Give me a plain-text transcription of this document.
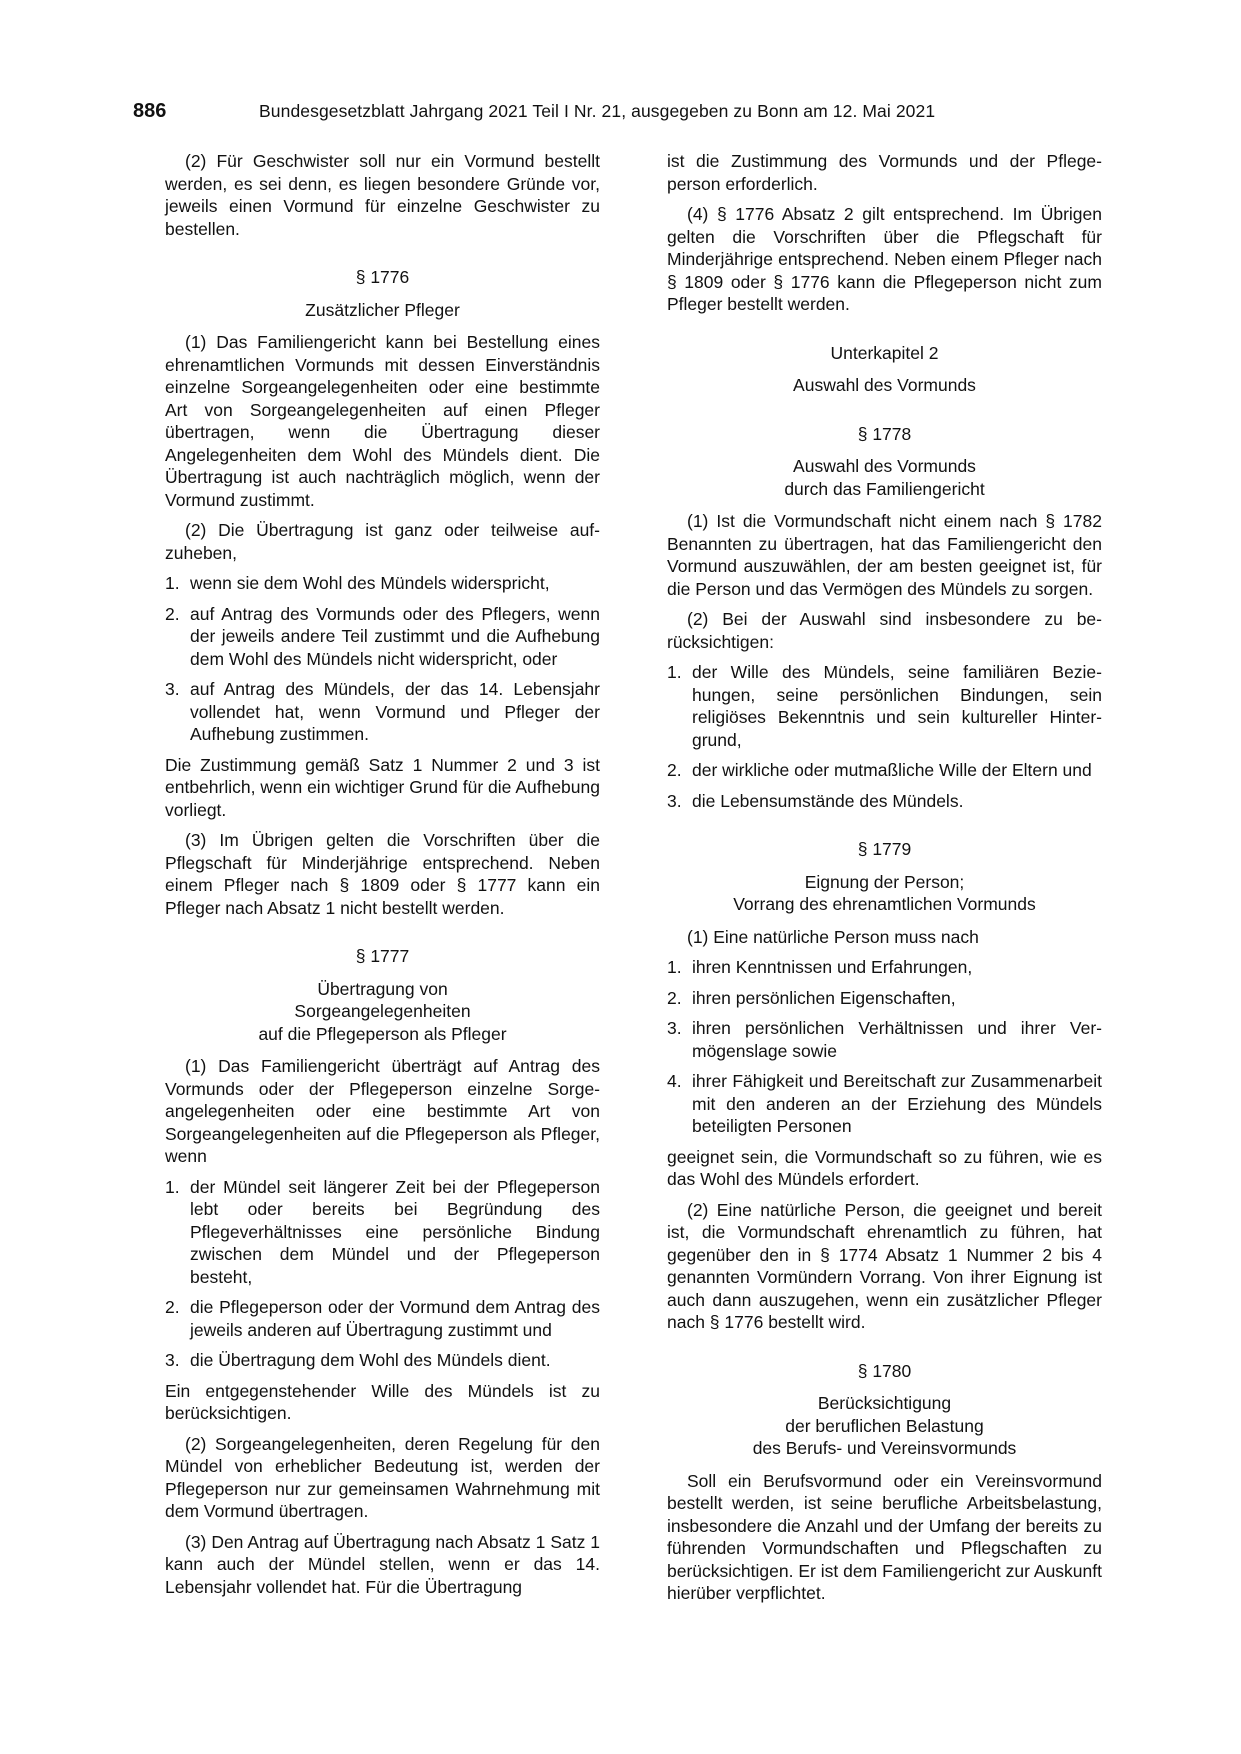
886	Bundesgesetzblatt Jahrgang 2021 Teil I Nr. 21, ausgegeben zu Bonn am 12. Mai 2021

(2) Für Geschwister soll nur ein Vormund bestellt werden, es sei denn, es liegen besondere Gründe vor, jeweils einen Vormund für einzelne Geschwister zu bestellen.

§ 1776
Zusätzlicher Pfleger

(1) Das Familiengericht kann bei Bestellung eines ehrenamtlichen Vormunds mit dessen Einverständnis einzelne Sorgeangelegenheiten oder eine bestimmte Art von Sorgeangelegenheiten auf einen Pfleger übertragen, wenn die Übertragung dieser Angelegenheiten dem Wohl des Mündels dient. Die Übertragung ist auch nachträglich möglich, wenn der Vormund zustimmt.

(2) Die Übertragung ist ganz oder teilweise aufzuheben,

1. wenn sie dem Wohl des Mündels widerspricht,
2. auf Antrag des Vormunds oder des Pflegers, wenn der jeweils andere Teil zustimmt und die Aufhebung dem Wohl des Mündels nicht widerspricht, oder
3. auf Antrag des Mündels, der das 14. Lebensjahr vollendet hat, wenn Vormund und Pfleger der Aufhebung zustimmen.

Die Zustimmung gemäß Satz 1 Nummer 2 und 3 ist entbehrlich, wenn ein wichtiger Grund für die Aufhebung vorliegt.

(3) Im Übrigen gelten die Vorschriften über die Pflegschaft für Minderjährige entsprechend. Neben einem Pfleger nach § 1809 oder § 1777 kann ein Pfleger nach Absatz 1 nicht bestellt werden.

§ 1777
Übertragung von
Sorgeangelegenheiten
auf die Pflegeperson als Pfleger

(1) Das Familiengericht überträgt auf Antrag des Vormunds oder der Pflegeperson einzelne Sorgeangelegenheiten oder eine bestimmte Art von Sorgeangelegenheiten auf die Pflegeperson als Pfleger, wenn

1. der Mündel seit längerer Zeit bei der Pflegeperson lebt oder bereits bei Begründung des Pflegeverhältnisses eine persönliche Bindung zwischen dem Mündel und der Pflegeperson besteht,
2. die Pflegeperson oder der Vormund dem Antrag des jeweils anderen auf Übertragung zustimmt und
3. die Übertragung dem Wohl des Mündels dient.

Ein entgegenstehender Wille des Mündels ist zu berücksichtigen.

(2) Sorgeangelegenheiten, deren Regelung für den Mündel von erheblicher Bedeutung ist, werden der Pflegeperson nur zur gemeinsamen Wahrnehmung mit dem Vormund übertragen.

(3) Den Antrag auf Übertragung nach Absatz 1 Satz 1 kann auch der Mündel stellen, wenn er das 14. Lebensjahr vollendet hat. Für die Übertragung

ist die Zustimmung des Vormunds und der Pflegeperson erforderlich.

(4) § 1776 Absatz 2 gilt entsprechend. Im Übrigen gelten die Vorschriften über die Pflegschaft für Minderjährige entsprechend. Neben einem Pfleger nach § 1809 oder § 1776 kann die Pflegeperson nicht zum Pfleger bestellt werden.

Unterkapitel 2
Auswahl des Vormunds
§ 1778
Auswahl des Vormunds
durch das Familiengericht

(1) Ist die Vormundschaft nicht einem nach § 1782 Benannten zu übertragen, hat das Familiengericht den Vormund auszuwählen, der am besten geeignet ist, für die Person und das Vermögen des Mündels zu sorgen.

(2) Bei der Auswahl sind insbesondere zu berücksichtigen:

1. der Wille des Mündels, seine familiären Beziehungen, seine persönlichen Bindungen, sein religiöses Bekenntnis und sein kultureller Hintergrund,
2. der wirkliche oder mutmaßliche Wille der Eltern und
3. die Lebensumstände des Mündels.
§ 1779
Eignung der Person;
Vorrang des ehrenamtlichen Vormunds

(1) Eine natürliche Person muss nach

1. ihren Kenntnissen und Erfahrungen,
2. ihren persönlichen Eigenschaften,
3. ihren persönlichen Verhältnissen und ihrer Vermögenslage sowie
4. ihrer Fähigkeit und Bereitschaft zur Zusammenarbeit mit den anderen an der Erziehung des Mündels beteiligten Personen

geeignet sein, die Vormundschaft so zu führen, wie es das Wohl des Mündels erfordert.

(2) Eine natürliche Person, die geeignet und bereit ist, die Vormundschaft ehrenamtlich zu führen, hat gegenüber den in § 1774 Absatz 1 Nummer 2 bis 4 genannten Vormündern Vorrang. Von ihrer Eignung ist auch dann auszugehen, wenn ein zusätzlicher Pfleger nach § 1776 bestellt wird.

§ 1780
Berücksichtigung
der beruflichen Belastung
des Berufs- und Vereinsvormunds

Soll ein Berufsvormund oder ein Vereinsvormund bestellt werden, ist seine berufliche Arbeitsbelastung, insbesondere die Anzahl und der Umfang der bereits zu führenden Vormundschaften und Pflegschaften zu berücksichtigen. Er ist dem Familiengericht zur Auskunft hierüber verpflichtet.
